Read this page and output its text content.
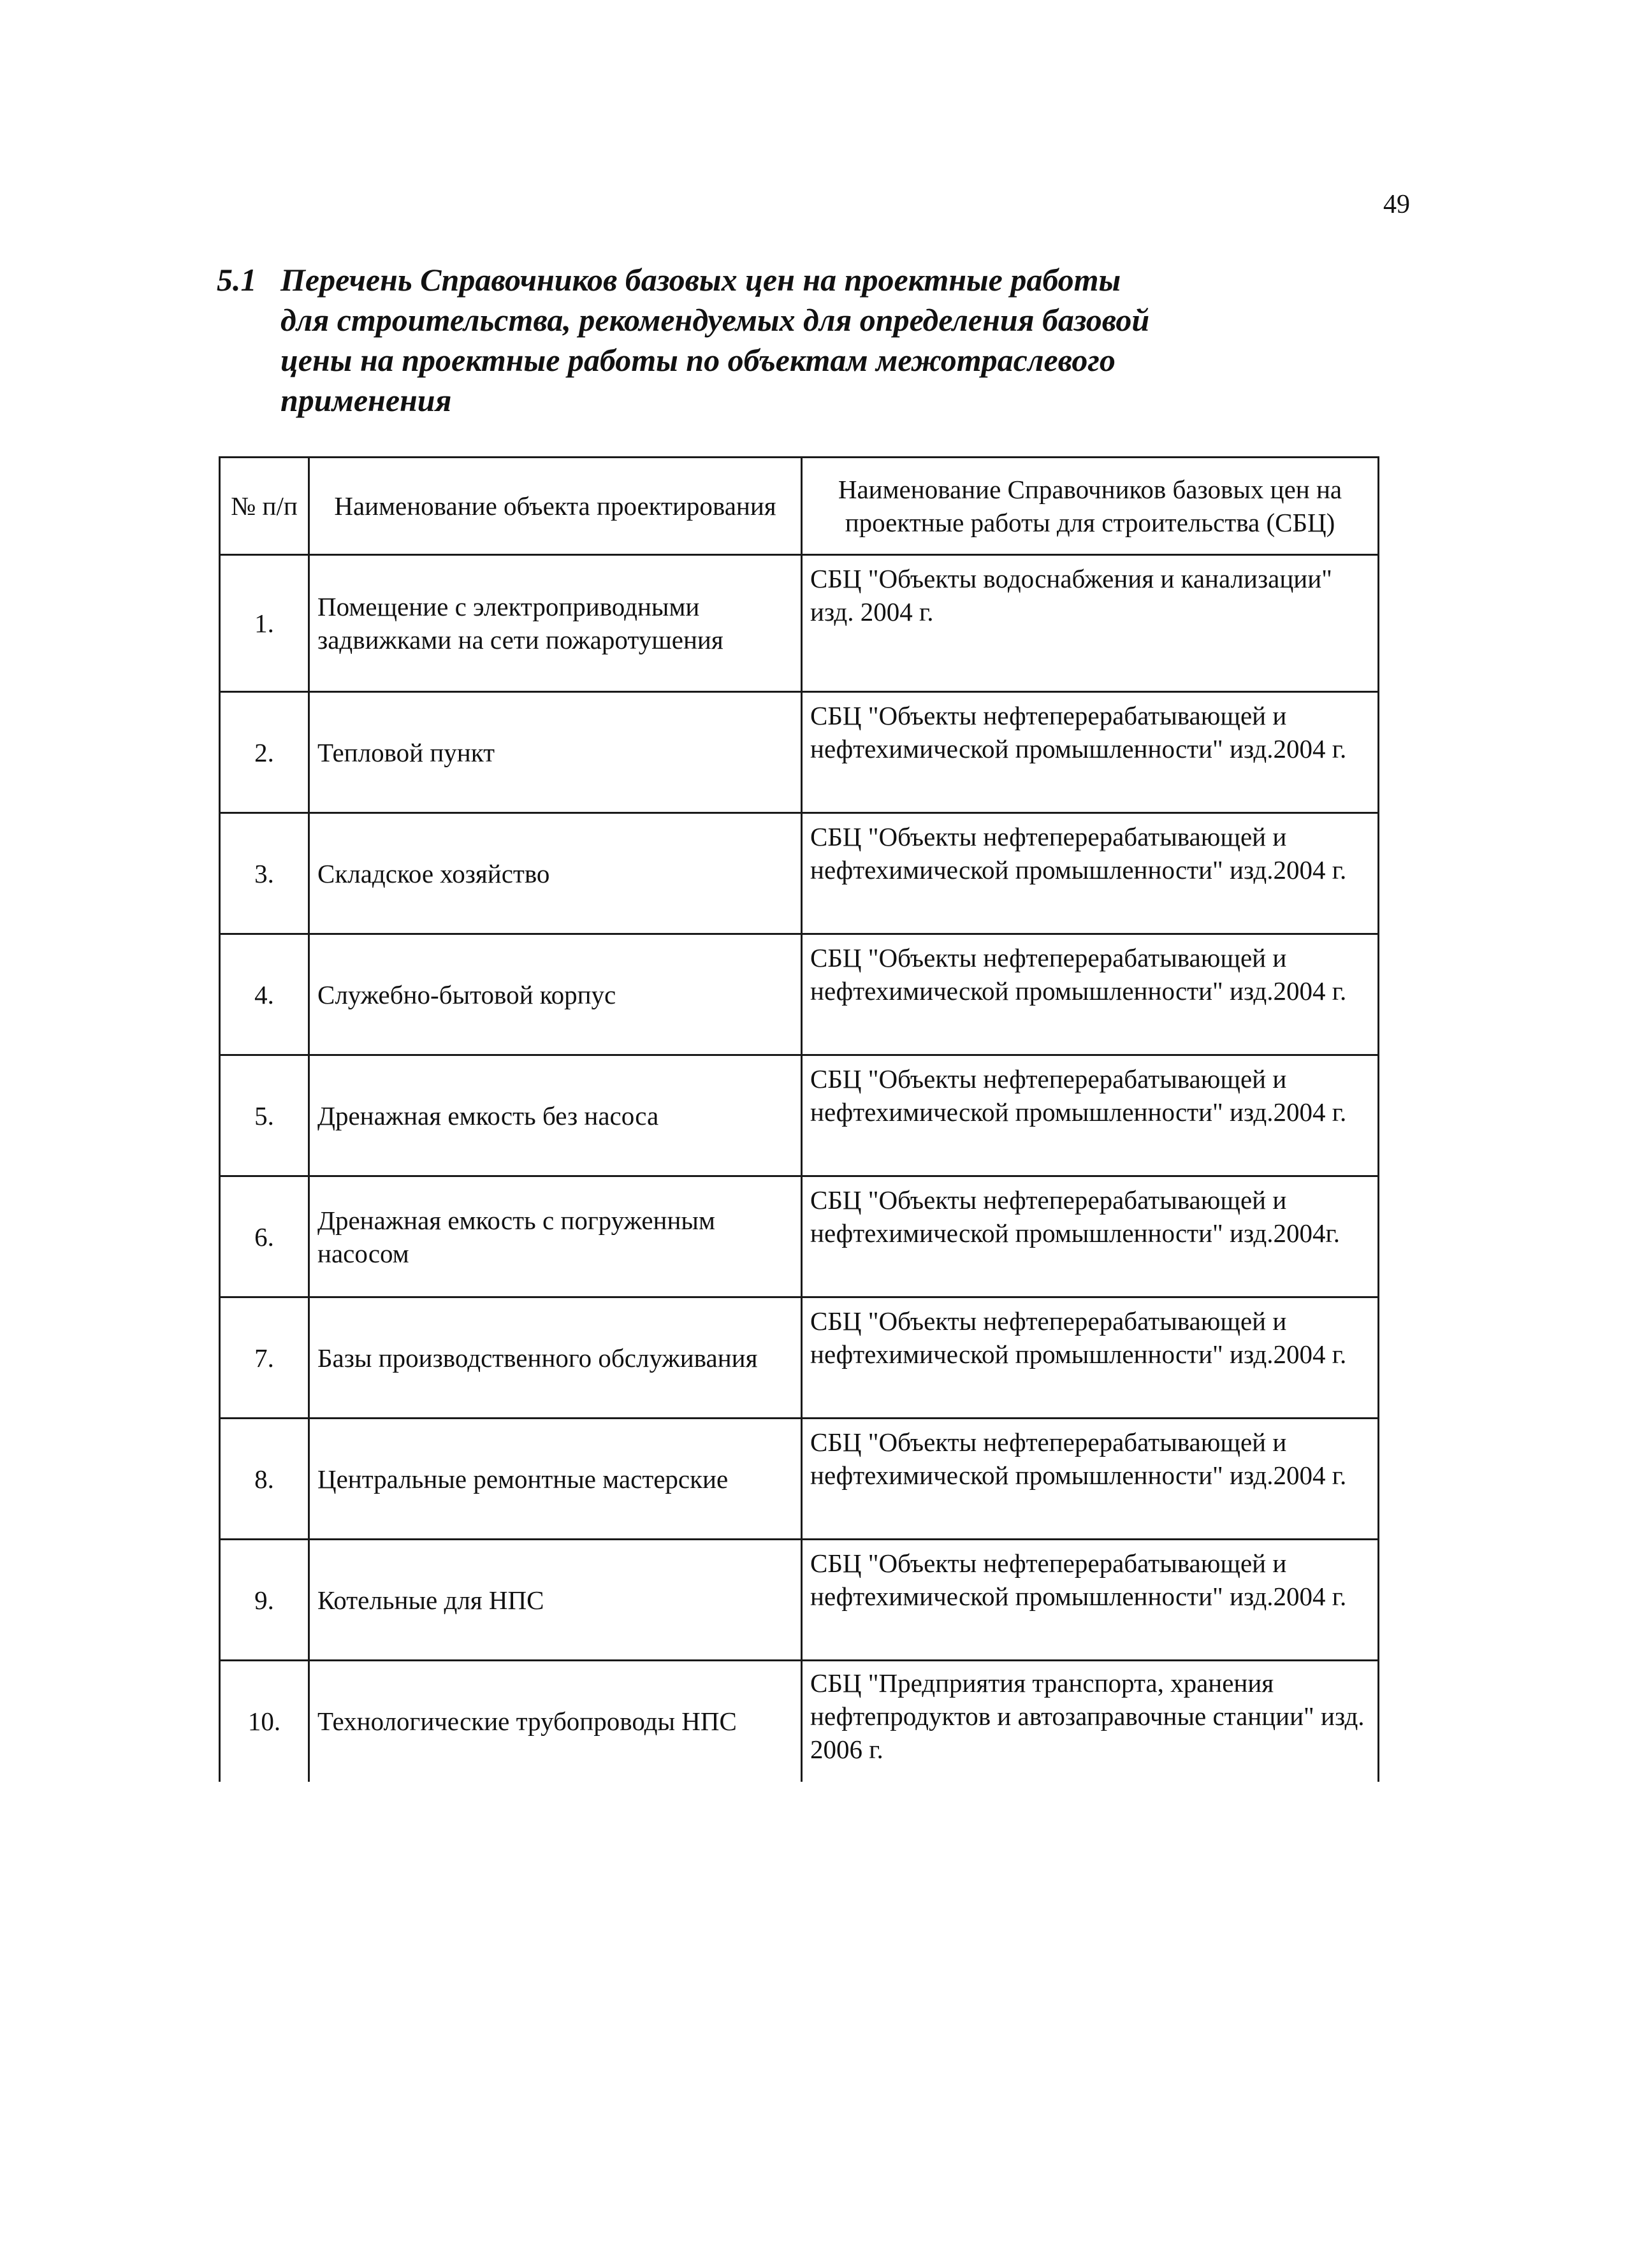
49
5.1 Перечень Справочников базовых цен на проектные работы
для строительства, рекомендуемых для определения базовой
цены на проектные работы по объектам межотраслевого
применения
№ п/п	Наименование объекта проектирования	Наименование Справочников базовых цен на проектные работы для строительства (СБЦ)
1.	Помещение с электроприводными задвижками на сети пожаротушения	СБЦ "Объекты водоснабжения и канализации" изд. 2004 г.
2.	Тепловой пункт	СБЦ "Объекты нефтеперерабатывающей и нефтехимической промышленности" изд.2004 г.
3.	Складское хозяйство	СБЦ "Объекты нефтеперерабатывающей и нефтехимической промышленности" изд.2004 г.
4.	Служебно-бытовой корпус	СБЦ "Объекты нефтеперерабатывающей и нефтехимической промышленности" изд.2004 г.
5.	Дренажная емкость без насоса	СБЦ "Объекты нефтеперерабатывающей и нефтехимической промышленности" изд.2004 г.
6.	Дренажная емкость с погруженным насосом	СБЦ "Объекты нефтеперерабатывающей и нефтехимической промышленности" изд.2004г.
7.	Базы производственного обслуживания	СБЦ "Объекты нефтеперерабатывающей и нефтехимической промышленности" изд.2004 г.
8.	Центральные ремонтные мастерские	СБЦ "Объекты нефтеперерабатывающей и нефтехимической промышленности" изд.2004 г.
9.	Котельные для НПС	СБЦ "Объекты нефтеперерабатывающей и нефтехимической промышленности" изд.2004 г.
10.	Технологические трубопроводы НПС	СБЦ "Предприятия транспорта, хранения нефтепродуктов и автозаправочные станции" изд. 2006 г.
